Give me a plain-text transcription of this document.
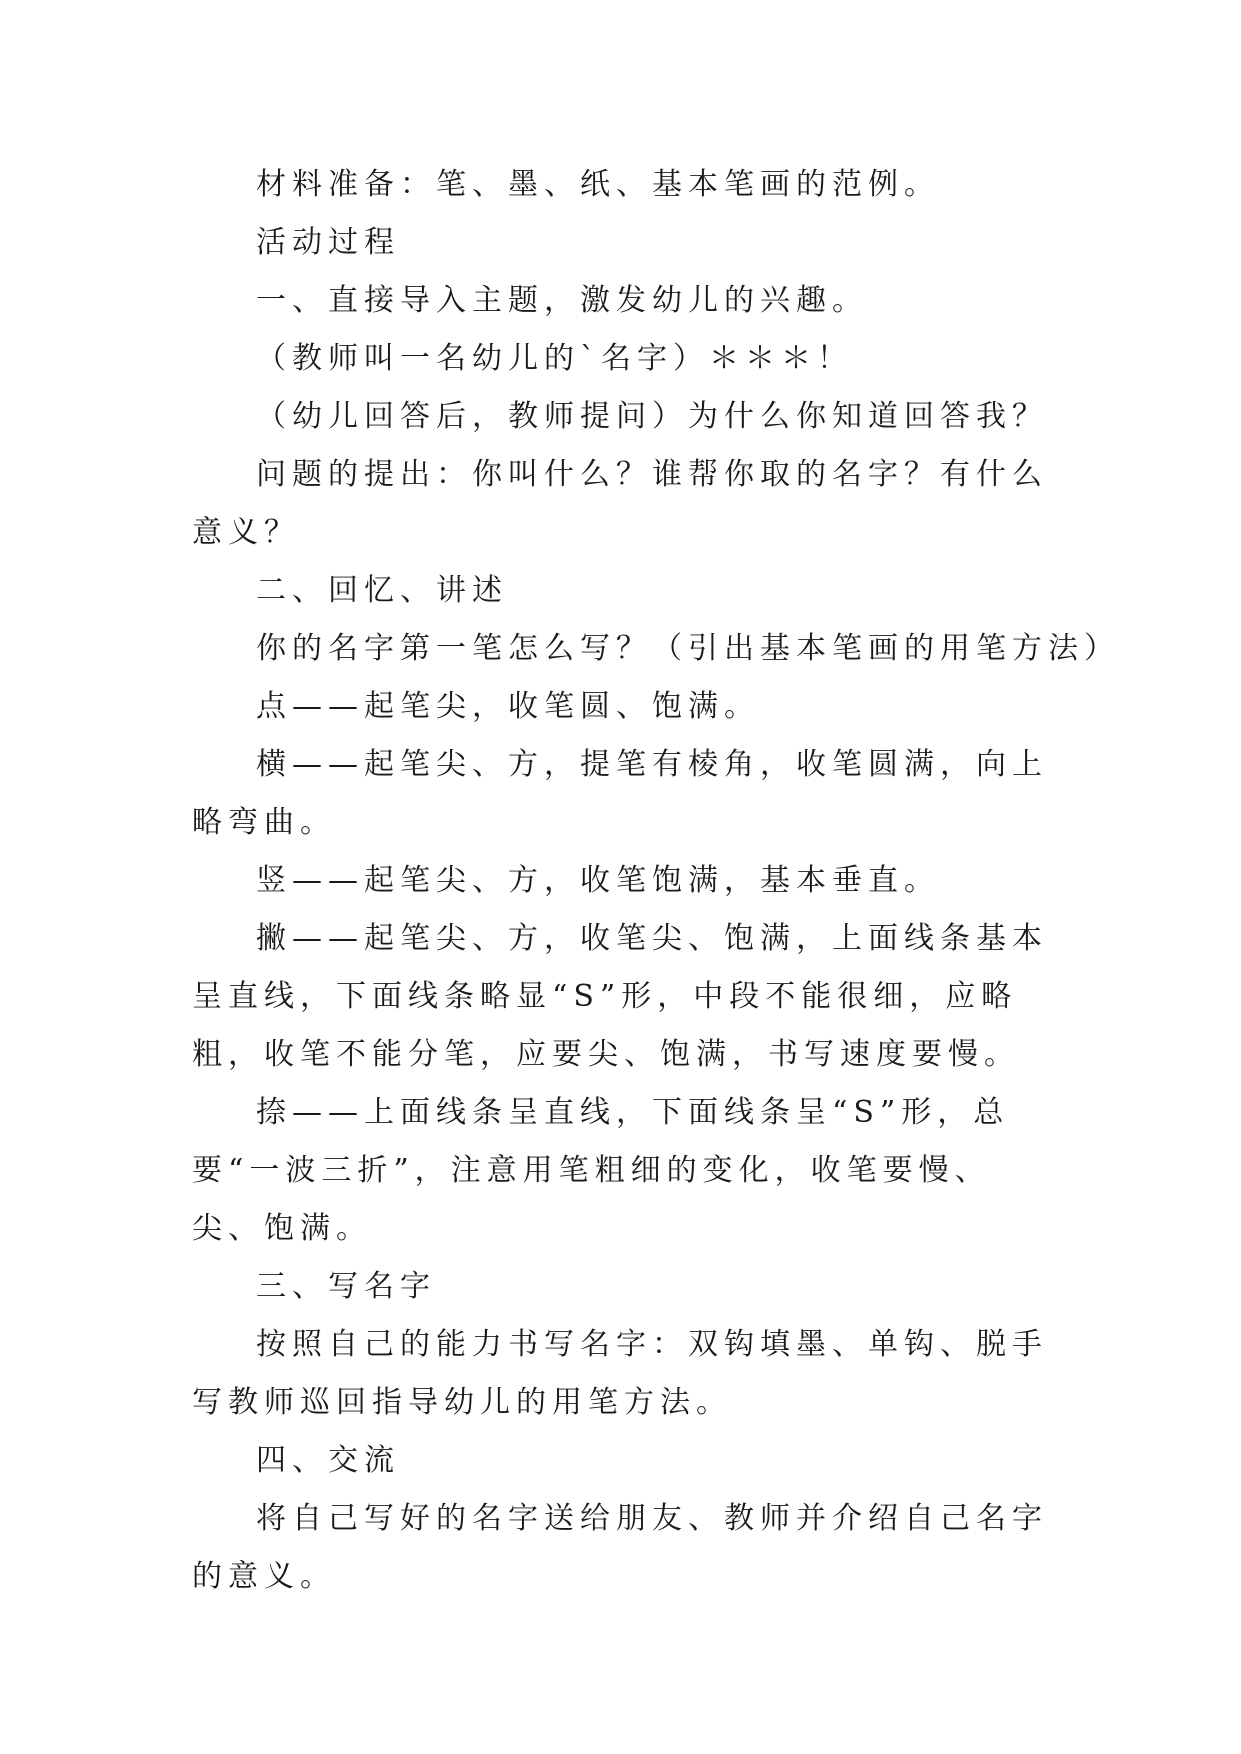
材料准备：笔、墨、纸、基本笔画的范例。

活动过程

一、直接导入主题，激发幼儿的兴趣。

（教师叫一名幼儿的`名字）＊＊＊！

（幼儿回答后，教师提问）为什么你知道回答我？

问题的提出：你叫什么？谁帮你取的名字？有什么意义？

二、回忆、讲述

你的名字第一笔怎么写？（引出基本笔画的用笔方法）

点——起笔尖，收笔圆、饱满。

横——起笔尖、方，提笔有棱角，收笔圆满，向上略弯曲。

竖——起笔尖、方，收笔饱满，基本垂直。

撇——起笔尖、方，收笔尖、饱满，上面线条基本呈直线，下面线条略显“S”形，中段不能很细，应略粗，收笔不能分笔，应要尖、饱满，书写速度要慢。

捺——上面线条呈直线，下面线条呈“S”形，总要“一波三折”，注意用笔粗细的变化，收笔要慢、尖、饱满。

三、写名字

按照自己的能力书写名字：双钩填墨、单钩、脱手写教师巡回指导幼儿的用笔方法。

四、交流

将自己写好的名字送给朋友、教师并介绍自己名字的意义。
